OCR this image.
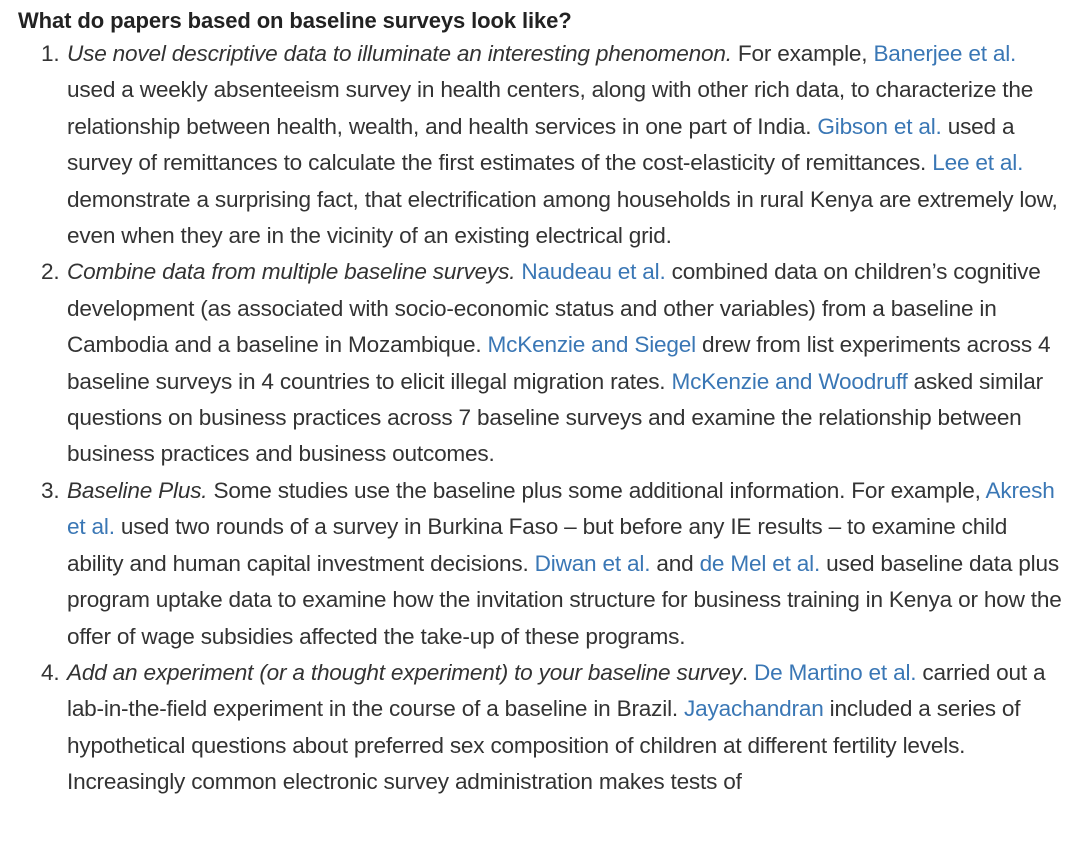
What do papers based on baseline surveys look like?
1. Use novel descriptive data to illuminate an interesting phenomenon. For example, Banerjee et al. used a weekly absenteeism survey in health centers, along with other rich data, to characterize the relationship between health, wealth, and health services in one part of India. Gibson et al. used a survey of remittances to calculate the first estimates of the cost-elasticity of remittances. Lee et al. demonstrate a surprising fact, that electrification among households in rural Kenya are extremely low, even when they are in the vicinity of an existing electrical grid.
2. Combine data from multiple baseline surveys. Naudeau et al. combined data on children’s cognitive development (as associated with socio-economic status and other variables) from a baseline in Cambodia and a baseline in Mozambique. McKenzie and Siegel drew from list experiments across 4 baseline surveys in 4 countries to elicit illegal migration rates. McKenzie and Woodruff asked similar questions on business practices across 7 baseline surveys and examine the relationship between business practices and business outcomes.
3. Baseline Plus. Some studies use the baseline plus some additional information. For example, Akresh et al. used two rounds of a survey in Burkina Faso – but before any IE results – to examine child ability and human capital investment decisions. Diwan et al. and de Mel et al. used baseline data plus program uptake data to examine how the invitation structure for business training in Kenya or how the offer of wage subsidies affected the take-up of these programs.
4. Add an experiment (or a thought experiment) to your baseline survey. De Martino et al. carried out a lab-in-the-field experiment in the course of a baseline in Brazil. Jayachandran included a series of hypothetical questions about preferred sex composition of children at different fertility levels. Increasingly common electronic survey administration makes tests of
